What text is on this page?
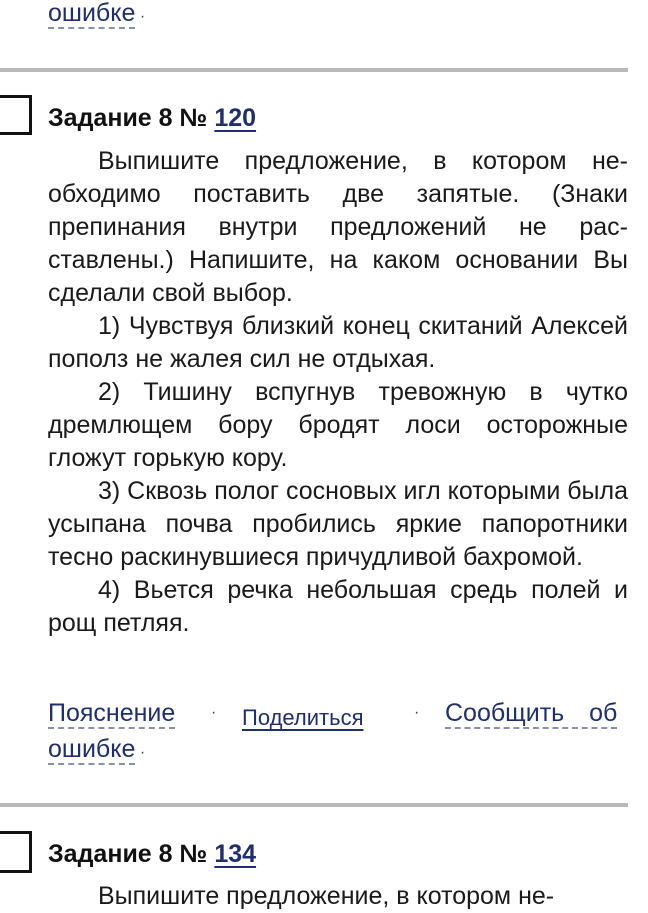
ошибке ·
Задание 8 № 120

Выпишите предложение, в котором необходимо поставить две запятые. (Знаки препинания внутри предложений не расставлены.) Напишите, на каком основании Вы сделали свой выбор.

1) Чувствуя близкий конец скитаний Алексей пополз не жалея сил не отдыхая.

2) Тишину вспугнув тревожную в чутко дремлющем бору бродят лоси осторожные гложут горькую кору.

3) Сквозь полог сосновых игл которыми была усыпана почва пробились яркие папоротники тесно раскинувшиеся причудливой бахромой.

4) Вьется речка небольшая средь полей и рощ петляя.

Пояснение · Поделиться	· Сообщить об
ошибке ·
Задание 8 № 134

Выпишите предложение, в котором не-
